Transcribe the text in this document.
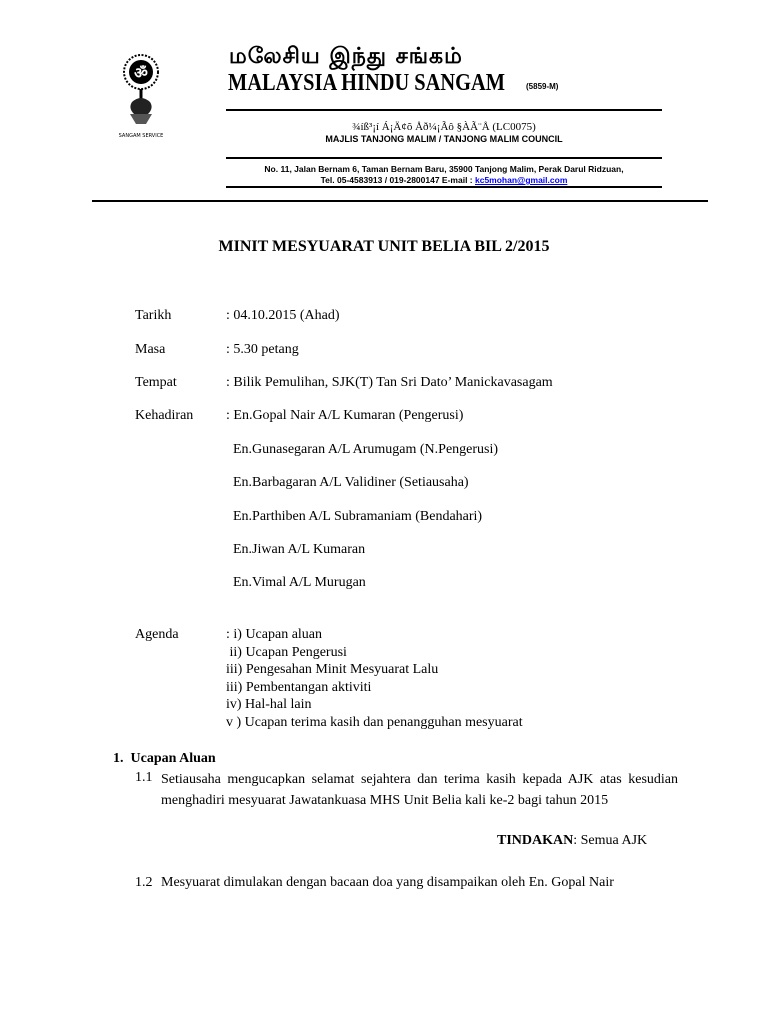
ॐ
SANGAM SERVICE
மலேசிய இந்து சங்கம்
MALAYSIA HINDU SANGAM	(5859-M)
¾íß³¡í Á¡Ä¢õ Åð¼¡Ãô §ÀÃ¨Å (LC0075)
MAJLIS TANJONG MALIM / TANJONG MALIM COUNCIL
No. 11, Jalan Bernam 6, Taman Bernam Baru, 35900 Tanjong Malim, Perak Darul Ridzuan,
Tel. 05-4583913 / 019-2800147 E-mail : kc5mohan@gmail.com
MINIT MESYUARAT UNIT BELIA BIL 2/2015
Tarikh	: 04.10.2015 (Ahad)
Masa	: 5.30 petang
Tempat	: Bilik Pemulihan, SJK(T) Tan Sri Dato’ Manickavasagam
Kehadiran : En.Gopal Nair A/L Kumaran (Pengerusi)
En.Gunasegaran A/L Arumugam (N.Pengerusi)
En.Barbagaran A/L Validiner (Setiausaha)
En.Parthiben A/L Subramaniam (Bendahari)
En.Jiwan A/L Kumaran
En.Vimal A/L Murugan
Agenda	: i) Ucapan aluan
ii) Ucapan Pengerusi
iii) Pengesahan Minit Mesyuarat Lalu
iii) Pembentangan aktiviti
iv) Hal-hal lain
v ) Ucapan terima kasih dan penangguhan mesyuarat
1.  Ucapan Aluan
1.1 Setiausaha mengucapkan selamat sejahtera dan terima kasih kepada AJK atas kesudian menghadiri mesyuarat Jawatankuasa MHS Unit Belia kali ke-2 bagi tahun 2015
TINDAKAN: Semua AJK
1.2 Mesyuarat dimulakan dengan bacaan doa yang disampaikan oleh En. Gopal Nair
